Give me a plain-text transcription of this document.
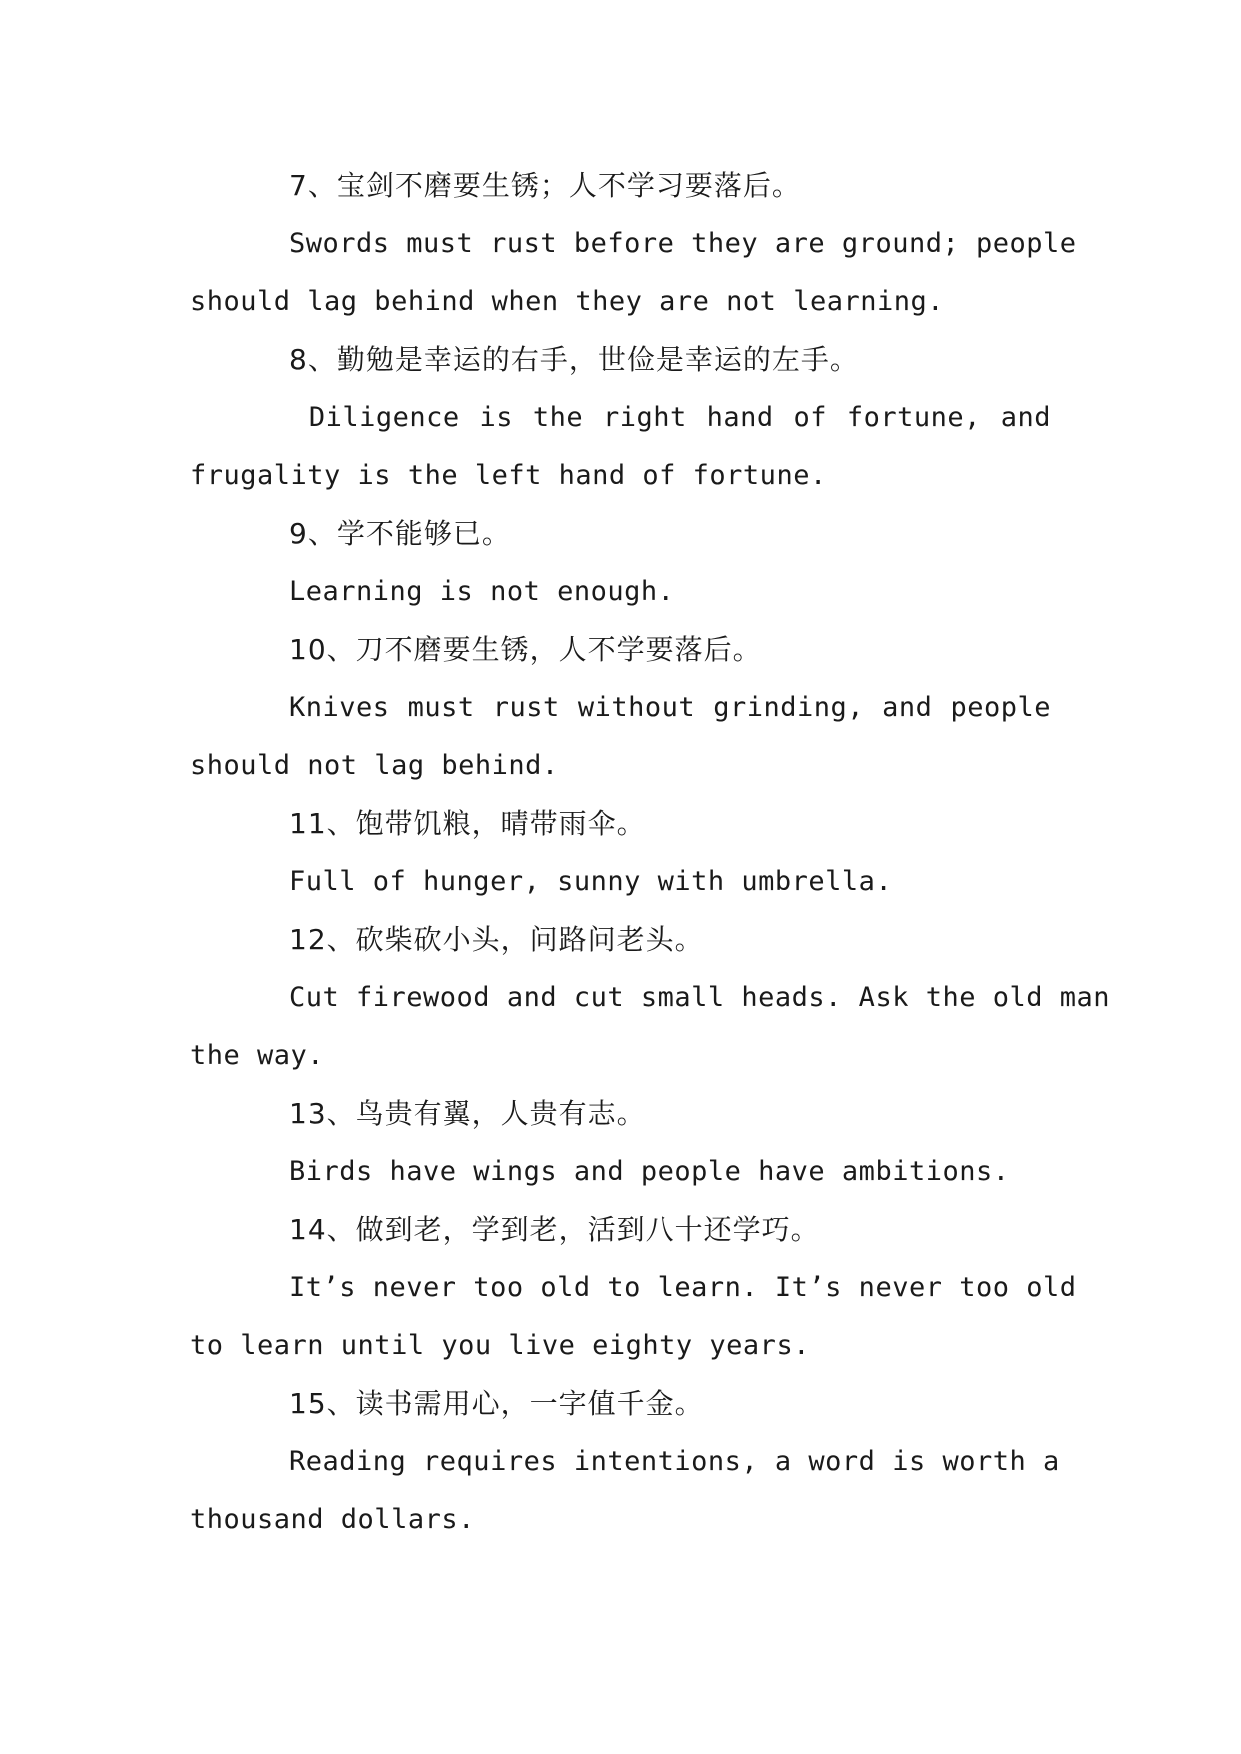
7、宝剑不磨要生锈；人不学习要落后。
Swords must rust before they are ground; people
should lag behind when they are not learning.
8、勤勉是幸运的右手，世俭是幸运的左手。
Diligence is the right hand of fortune, and
frugality is the left hand of fortune.
9、学不能够已。
Learning is not enough.
10、刀不磨要生锈，人不学要落后。
Knives must rust without grinding, and people
should not lag behind.
11、饱带饥粮，晴带雨伞。
Full of hunger, sunny with umbrella.
12、砍柴砍小头，问路问老头。
Cut firewood and cut small heads. Ask the old man
the way.
13、鸟贵有翼，人贵有志。
Birds have wings and people have ambitions.
14、做到老，学到老，活到八十还学巧。
It’s never too old to learn. It’s never too old
to learn until you live eighty years.
15、读书需用心，一字值千金。
Reading requires intentions, a word is worth a
thousand dollars.
